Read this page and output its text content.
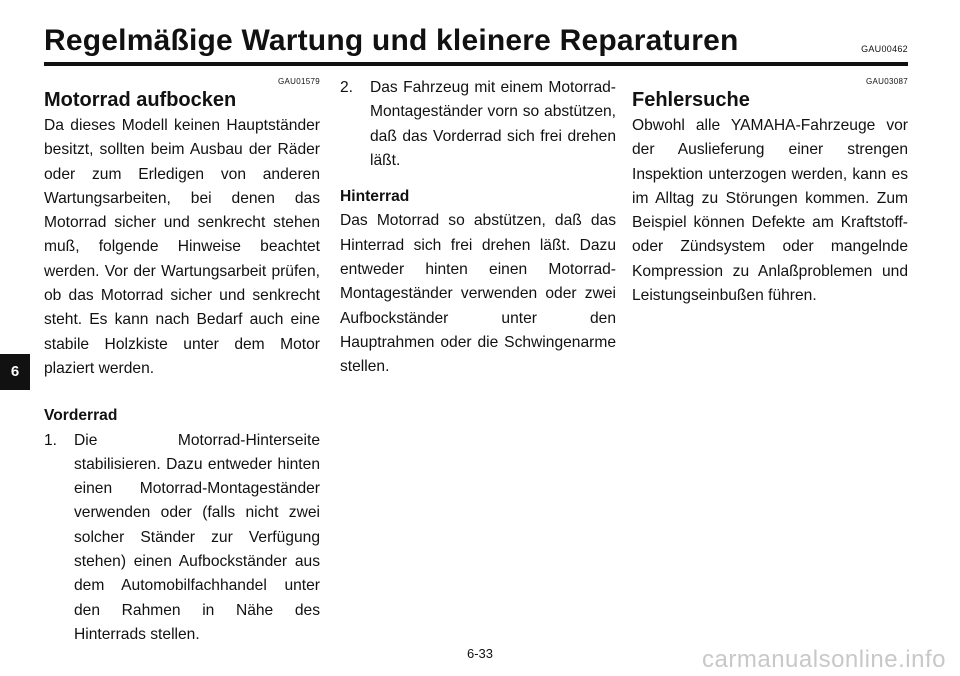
Regelmäßige Wartung und kleinere Reparaturen	GAU00462
GAU01579
Motorrad aufbocken

Da dieses Modell keinen Hauptständer besitzt, sollten beim Ausbau der Räder oder zum Erledigen von anderen Wartungsarbeiten, bei denen das Motorrad sicher und senkrecht stehen muß, folgende Hinweise beachtet werden. Vor der Wartungsarbeit prüfen, ob das Motorrad sicher und senkrecht steht. Es kann nach Bedarf auch eine stabile Holzkiste unter dem Motor plaziert werden.

Vorderrad
1. Die Motorrad-Hinterseite stabilisieren. Dazu entweder hinten einen Motorrad-Montageständer verwenden oder (falls nicht zwei solcher Ständer zur Verfügung stehen) einen Aufbockständer aus dem Automobilfachhandel unter den Rahmen in Nähe des Hinterrads stellen.
2. Das Fahrzeug mit einem Motorrad-Montageständer vorn so abstützen, daß das Vorderrad sich frei drehen läßt.
Hinterrad

Das Motorrad so abstützen, daß das Hinterrad sich frei drehen läßt. Dazu entweder hinten einen Motorrad-Montageständer verwenden oder zwei Aufbockständer unter den Hauptrahmen oder die Schwingenarme stellen.

GAU03087
Fehlersuche

Obwohl alle YAMAHA-Fahrzeuge vor der Auslieferung einer strengen Inspektion unterzogen werden, kann es im Alltag zu Störungen kommen. Zum Beispiel können Defekte am Kraftstoff- oder Zündsystem oder mangelnde Kompression zu Anlaßproblemen und Leistungseinbußen führen.

6
6-33	carmanualsonline.info
